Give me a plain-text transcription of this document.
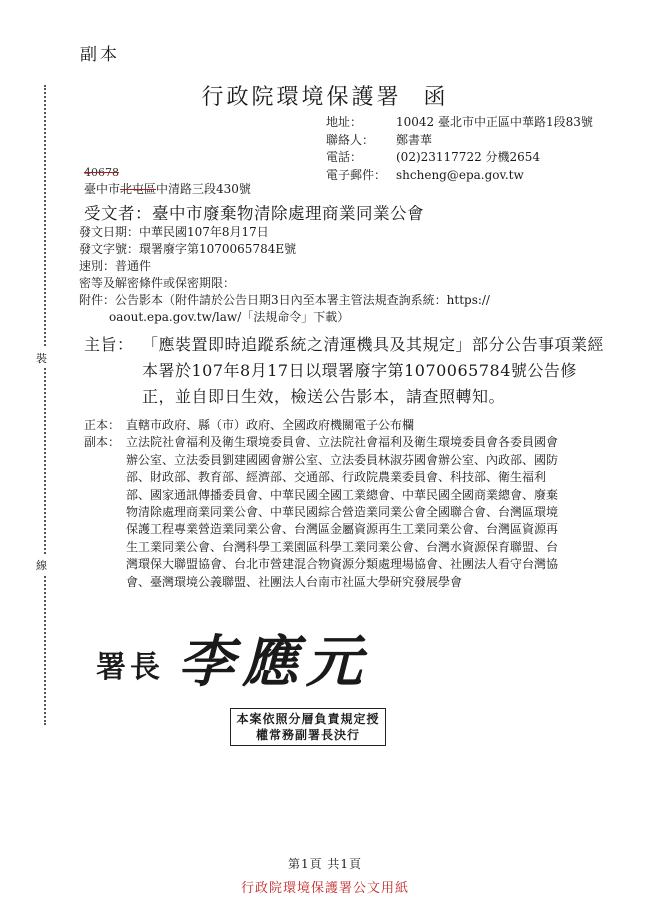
副本
裝
線
行政院環境保護署 函
地址：	10042 臺北市中正區中華路1段83號
聯絡人：	鄭書華
電話：	(02)23117722 分機2654
電子郵件： shcheng@epa.gov.tw
40678
臺中市北屯區中清路三段430號
受文者：臺中市廢棄物清除處理商業同業公會
發文日期：中華民國107年8月17日
發文字號：環署廢字第1070065784E號
速別：普通件
密等及解密條件或保密期限：
附件：公告影本（附件請於公告日期3日內至本署主管法規查詢系統：https://
oaout.epa.gov.tw/law/「法規命令」下載）
主旨： 「應裝置即時追蹤系統之清運機具及其規定」部分公告事項業經本署於107年8月17日以環署廢字第1070065784號公告修正，並自即日生效，檢送公告影本，請查照轉知。
正本： 直轄市政府、縣（市）政府、全國政府機關電子公布欄
副本： 立法院社會福利及衛生環境委員會、立法院社會福利及衛生環境委員會各委員國會辦公室、立法委員劉建國國會辦公室、立法委員林淑芬國會辦公室、內政部、國防部、財政部、教育部、經濟部、交通部、行政院農業委員會、科技部、衛生福利部、國家通訊傳播委員會、中華民國全國工業總會、中華民國全國商業總會、廢棄物清除處理商業同業公會、中華民國綜合營造業同業公會全國聯合會、台灣區環境保護工程專業營造業同業公會、台灣區金屬資源再生工業同業公會、台灣區資源再生工業同業公會、台灣科學工業園區科學工業同業公會、台灣水資源保育聯盟、台灣環保大聯盟協會、台北市營建混合物資源分類處理場協會、社團法人看守台灣協會、臺灣環境公義聯盟、社團法人台南市社區大學研究發展學會
署長 李應元
本案依照分層負責規定授權常務副署長決行
第1頁 共1頁
行政院環境保護署公文用紙
